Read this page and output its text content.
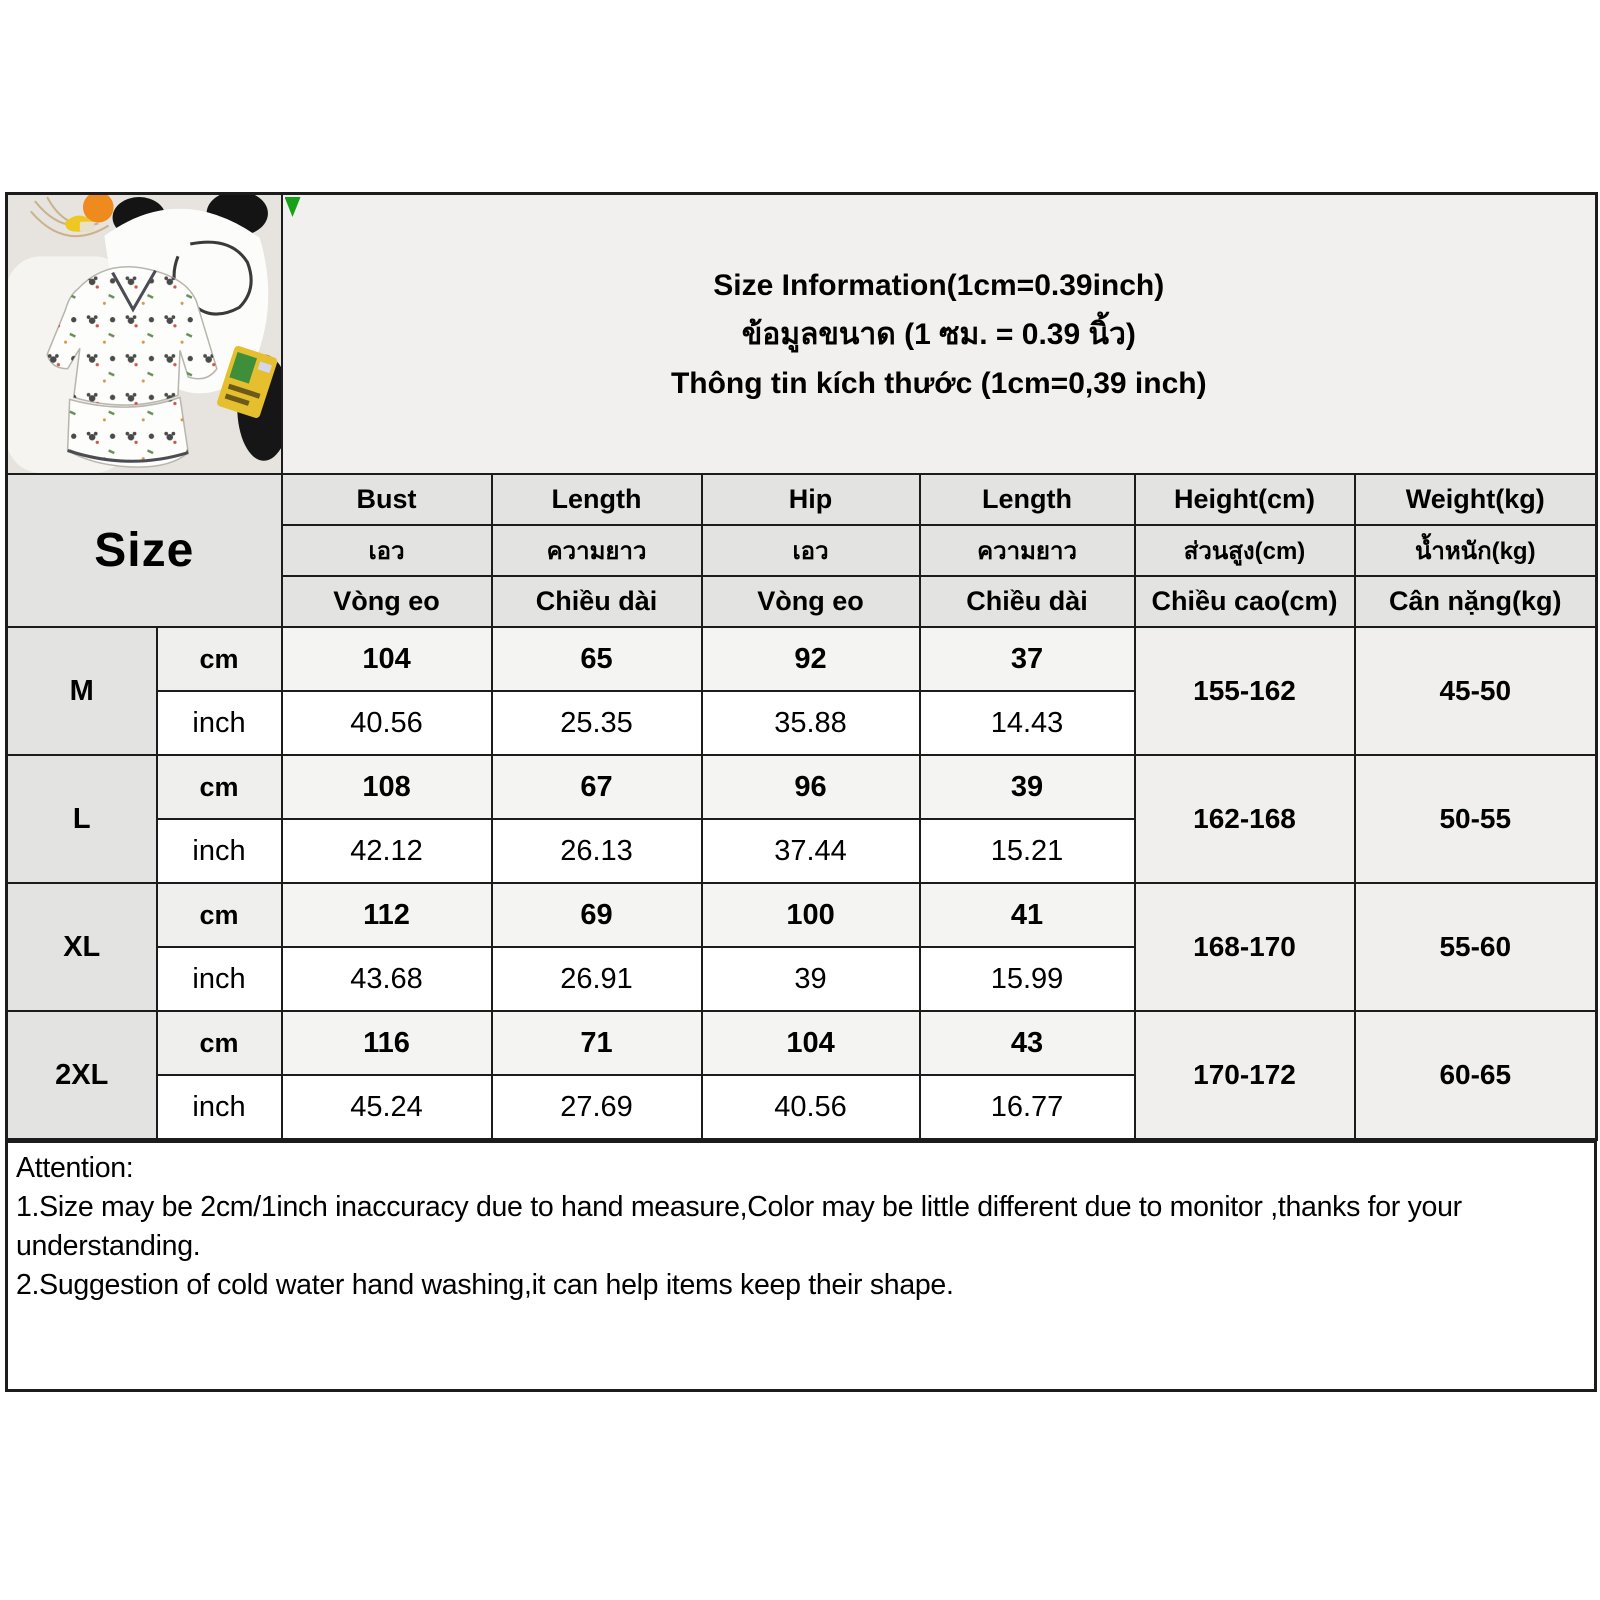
Size Information(1cm=0.39inch)
ข้อมูลขนาด (1 ซม. = 0.39 นิ้ว)
Thông tin kích thước (1cm=0,39 inch)					

Size		Bust	Length	Hip	Length	Height(cm)	Weight(kg)
		เอว	ความยาว	เอว	ความยาว	ส่วนสูง(cm)	น้ำหนัก(kg)
		Vòng eo	Chiều dài	Vòng eo	Chiều dài	Chiều cao(cm)	Cân nặng(kg)
M	cm	104	65	92	37	155-162	45-50
	inch	40.56	25.35	35.88	14.43		
L	cm	108	67	96	39	162-168	50-55
	inch	42.12	26.13	37.44	15.21		
XL	cm	112	69	100	41	168-170	55-60
	inch	43.68	26.91	39	15.99		
2XL	cm	116	71	104	43	170-172	60-65
	inch	45.24	27.69	40.56	16.77		

Attention:

1.Size may be 2cm/1inch inaccuracy due to hand measure,Color may be little different due to monitor ,thanks for your understanding.

2.Suggestion of cold water hand washing,it can help items keep their shape.
